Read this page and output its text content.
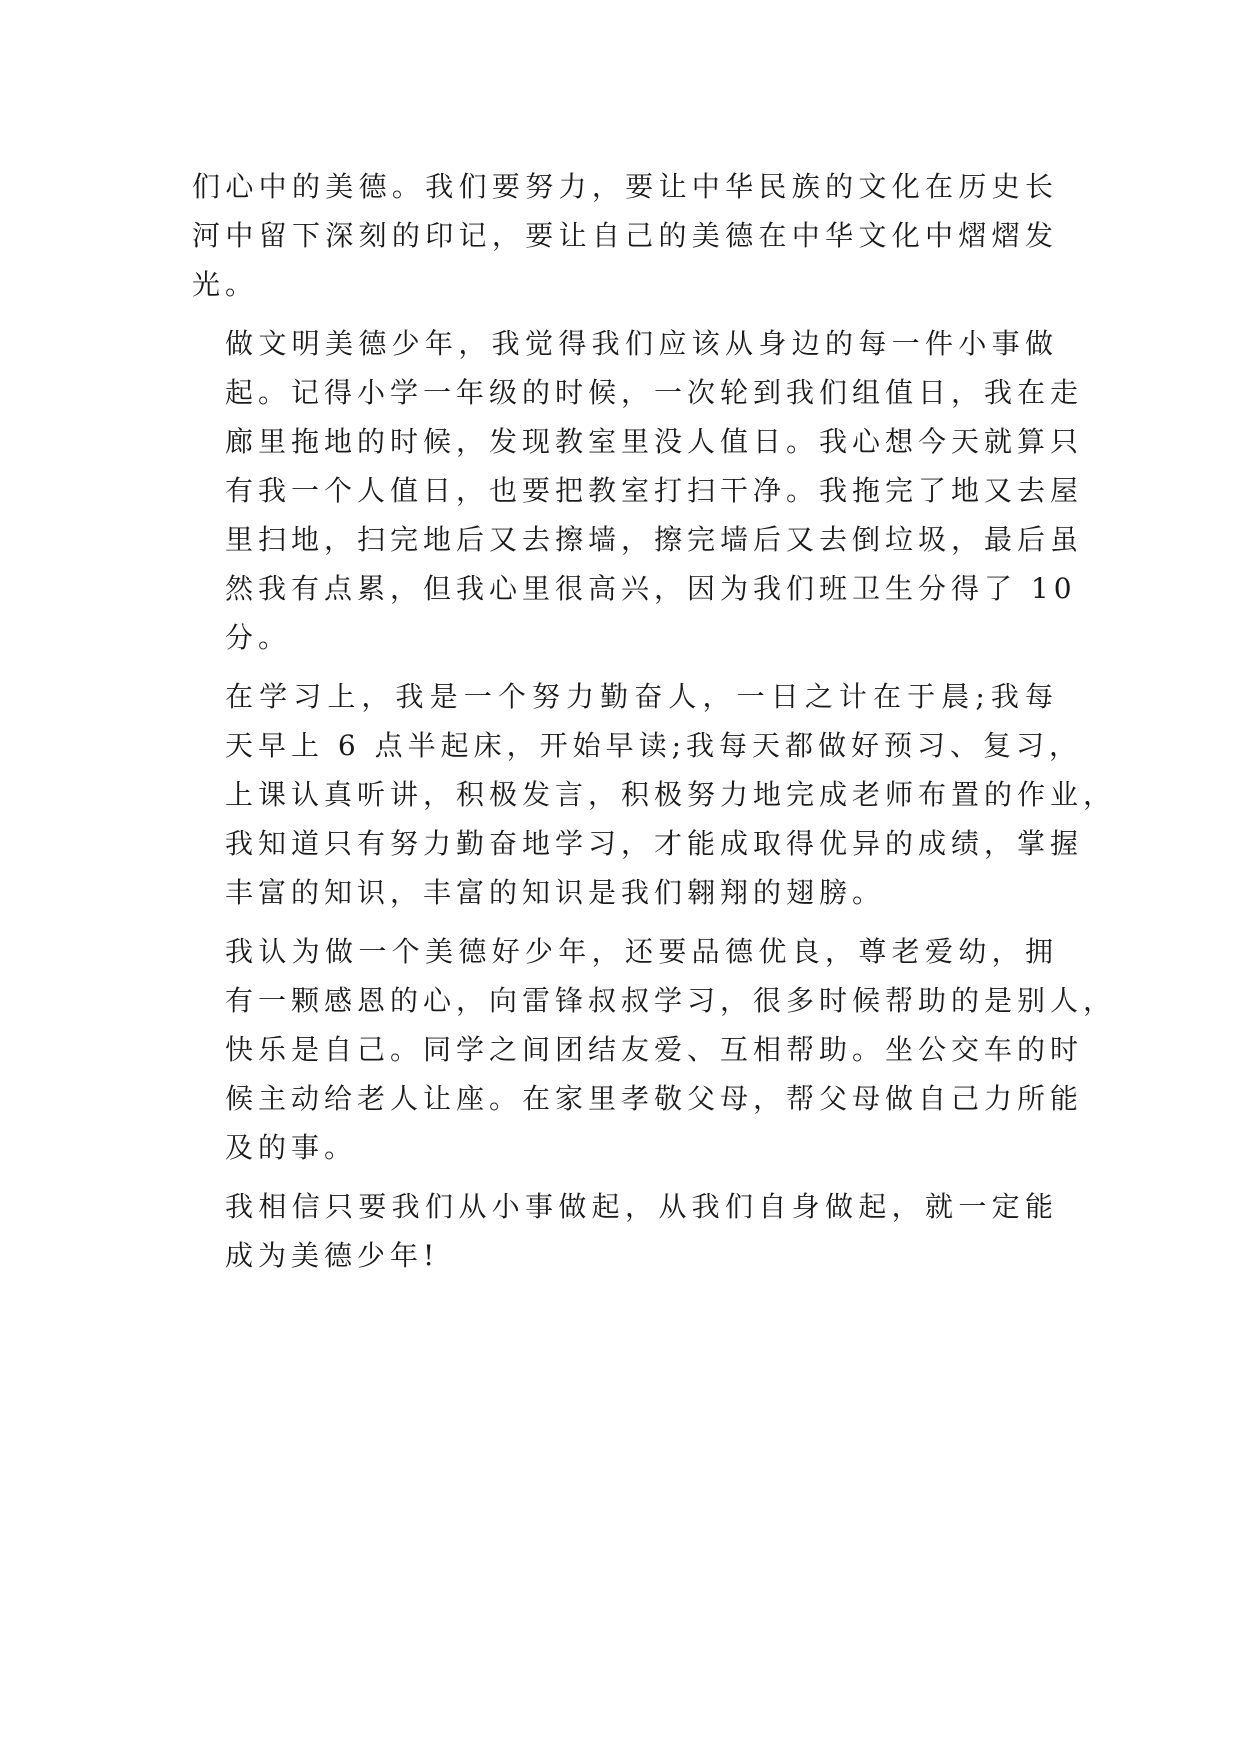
们心中的美德。我们要努力，要让中华民族的文化在历史长
河中留下深刻的印记，要让自己的美德在中华文化中熠熠发
光。
做文明美德少年，我觉得我们应该从身边的每一件小事做
起。记得小学一年级的时候，一次轮到我们组值日，我在走
廊里拖地的时候，发现教室里没人值日。我心想今天就算只
有我一个人值日，也要把教室打扫干净。我拖完了地又去屋
里扫地，扫完地后又去擦墙，擦完墙后又去倒垃圾，最后虽
然我有点累，但我心里很高兴，因为我们班卫生分得了 10
分。
在学习上，我是一个努力勤奋人，一日之计在于晨;我每
天早上 6 点半起床，开始早读;我每天都做好预习、复习，
上课认真听讲，积极发言，积极努力地完成老师布置的作业，
我知道只有努力勤奋地学习，才能成取得优异的成绩，掌握
丰富的知识，丰富的知识是我们翱翔的翅膀。
我认为做一个美德好少年，还要品德优良，尊老爱幼，拥
有一颗感恩的心，向雷锋叔叔学习，很多时候帮助的是别人，
快乐是自己。同学之间团结友爱、互相帮助。坐公交车的时
候主动给老人让座。在家里孝敬父母，帮父母做自己力所能
及的事。
我相信只要我们从小事做起，从我们自身做起，就一定能
成为美德少年!
